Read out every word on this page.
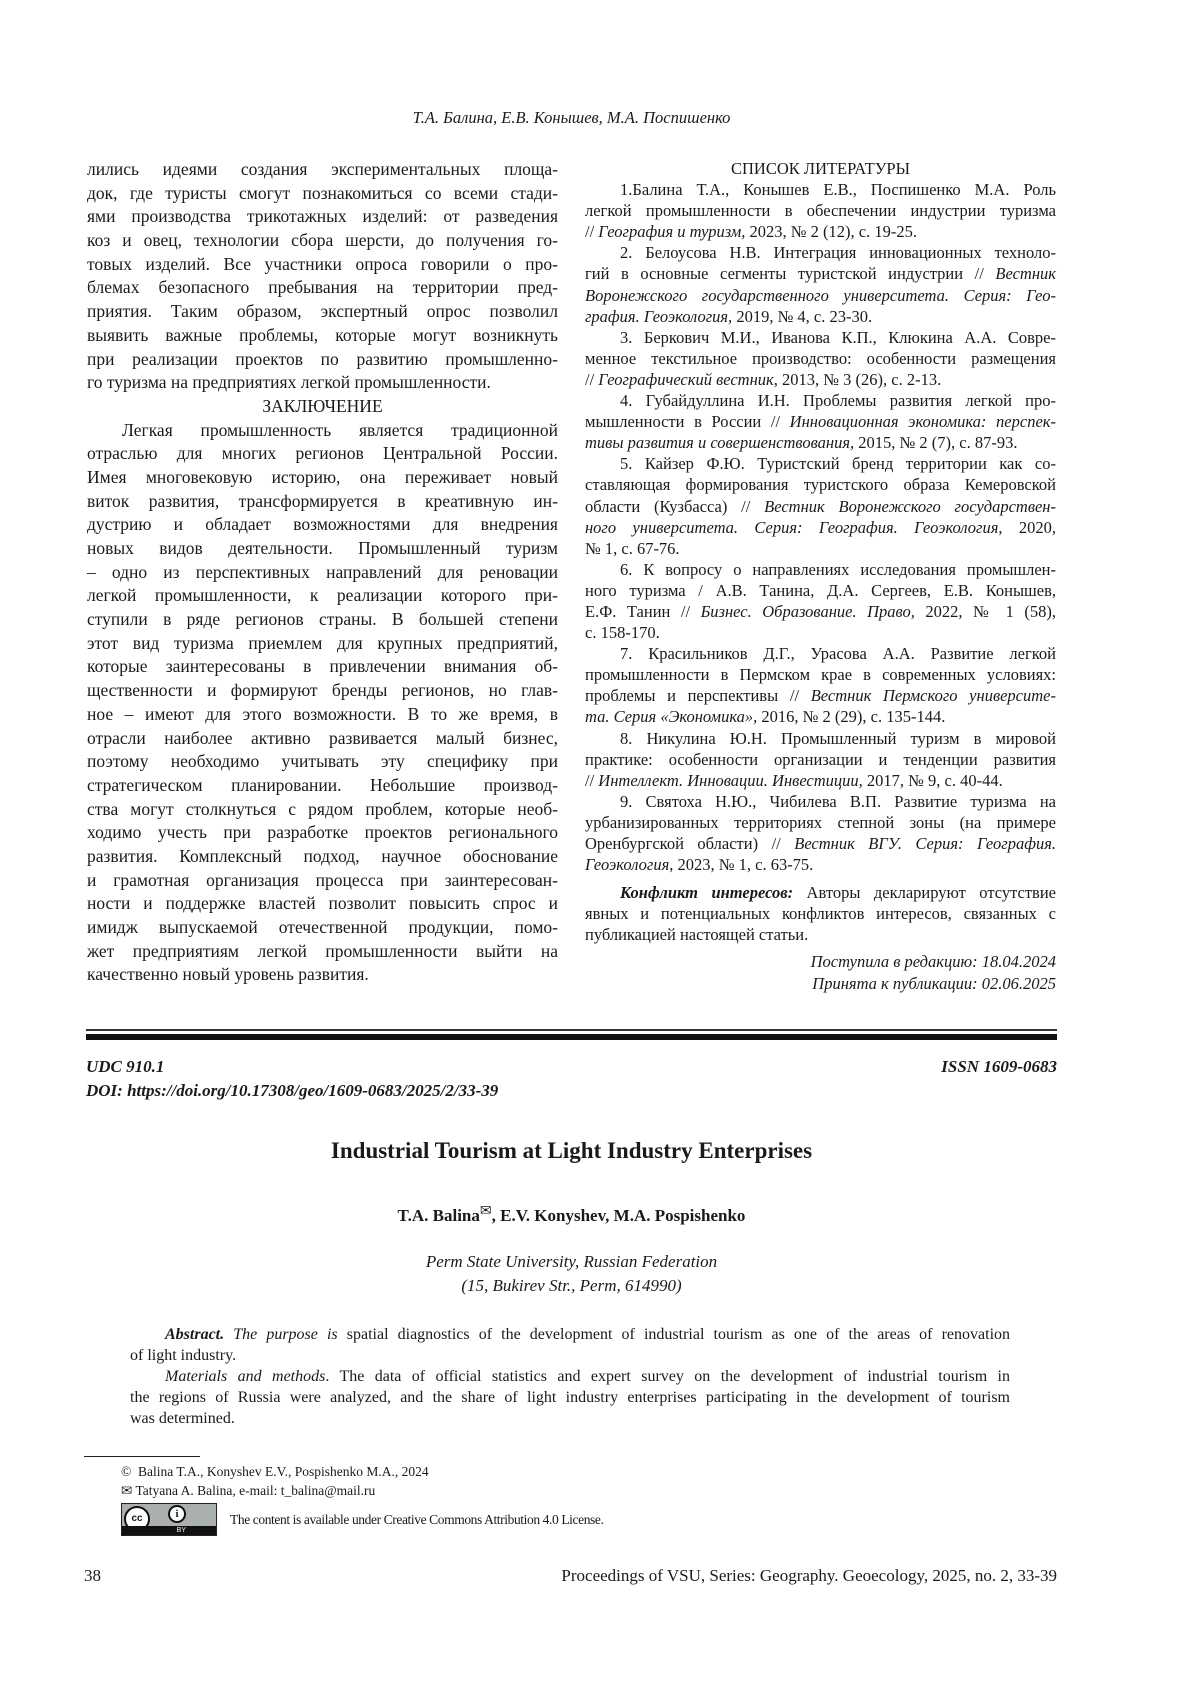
Т.А. Балина, Е.В. Конышев, М.А. Поспишенко
лились идеями создания экспериментальных площа-
док, где туристы смогут познакомиться со всеми стади-
ями производства трикотажных изделий: от разведения
коз и овец, технологии сбора шерсти, до получения го-
товых изделий. Все участники опроса говорили о про-
блемах безопасного пребывания на территории пред-
приятия. Таким образом, экспертный опрос позволил
выявить важные проблемы, которые могут возникнуть
при реализации проектов по развитию промышленно-
го туризма на предприятиях легкой промышленности.
ЗАКЛЮЧЕНИЕ
Легкая промышленность является традиционной
отраслью для многих регионов Центральной России.
Имея многовековую историю, она переживает новый
виток развития, трансформируется в креативную ин-
дустрию и обладает возможностями для внедрения
новых видов деятельности. Промышленный туризм
– одно из перспективных направлений для реновации
легкой промышленности, к реализации которого при-
ступили в ряде регионов страны. В большей степени
этот вид туризма приемлем для крупных предприятий,
которые заинтересованы в привлечении внимания об-
щественности и формируют бренды регионов, но глав-
ное – имеют для этого возможности. В то же время, в
отрасли наиболее активно развивается малый бизнес,
поэтому необходимо учитывать эту специфику при
стратегическом планировании. Небольшие производ-
ства могут столкнуться с рядом проблем, которые необ-
ходимо учесть при разработке проектов регионального
развития. Комплексный подход, научное обоснование
и грамотная организация процесса при заинтересован-
ности и поддержке властей позволит повысить спрос и
имидж выпускаемой отечественной продукции, помо-
жет предприятиям легкой промышленности выйти на
качественно новый уровень развития.
СПИСОК ЛИТЕРАТУРЫ
1.Балина Т.А., Конышев Е.В., Поспишенко М.А. Роль
легкой промышленности в обеспечении индустрии туризма
// География и туризм, 2023, № 2 (12), с. 19-25.
2. Белоусова Н.В. Интеграция инновационных техноло-
гий в основные сегменты туристской индустрии // Вестник
Воронежского государственного университета. Серия: Гео-
графия. Геоэкология, 2019, № 4, с. 23-30.
3. Беркович М.И., Иванова К.П., Клюкина А.А. Совре-
менное текстильное производство: особенности размещения
// Географический вестник, 2013, № 3 (26), с. 2-13.
4. Губайдуллина И.Н. Проблемы развития легкой про-
мышленности в России // Инновационная экономика: перспек-
тивы развития и совершенствования, 2015, № 2 (7), с. 87-93.
5. Кайзер Ф.Ю. Туристский бренд территории как со-
ставляющая формирования туристского образа Кемеровской
области (Кузбасса) // Вестник Воронежского государствен-
ного университета. Серия: География. Геоэкология, 2020,
№ 1, с. 67-76.
6. К вопросу о направлениях исследования промышлен-
ного туризма / А.В. Танина, Д.А. Сергеев, Е.В. Конышев,
Е.Ф. Танин // Бизнес. Образование. Право, 2022, № 1 (58),
с. 158-170.
7. Красильников Д.Г., Урасова А.А. Развитие легкой
промышленности в Пермском крае в современных условиях:
проблемы и перспективы // Вестник Пермского университе-
та. Серия «Экономика», 2016, № 2 (29), с. 135-144.
8. Никулина Ю.Н. Промышленный туризм в мировой
практике: особенности организации и тенденции развития
// Интеллект. Инновации. Инвестиции, 2017, № 9, с. 40-44.
9. Святоха Н.Ю., Чибилева В.П. Развитие туризма на
урбанизированных территориях степной зоны (на примере
Оренбургской области) // Вестник ВГУ. Серия: География.
Геоэкология, 2023, № 1, с. 63-75.
Конфликт интересов: Авторы декларируют отсутствие
явных и потенциальных конфликтов интересов, связанных с
публикацией настоящей статьи.
Поступила в редакцию: 18.04.2024
Принята к публикации: 02.06.2025
UDC 910.1
DOI: https://doi.org/10.17308/geo/1609-0683/2025/2/33-39
ISSN 1609-0683
Industrial Tourism at Light Industry Enterprises
T.A. Balina✉, E.V. Konyshev, M.A. Pospishenko
Perm State University, Russian Federation
(15, Bukirev Str., Perm, 614990)
Abstract. The purpose is spatial diagnostics of the development of industrial tourism as one of the areas of renovation
of light industry.
Materials and methods. The data of official statistics and expert survey on the development of industrial tourism in
the regions of Russia were analyzed, and the share of light industry enterprises participating in the development of tourism
was determined.
© Balina T.A., Konyshev E.V., Pospishenko M.A., 2024
✉ Tatyana A. Balina, e-mail: t_balina@mail.ru
cc	i
BY
The content is available under Creative Commons Attribution 4.0 License.
38	Proceedings of VSU, Series: Geography. Geoecology, 2025, no. 2, 33-39
